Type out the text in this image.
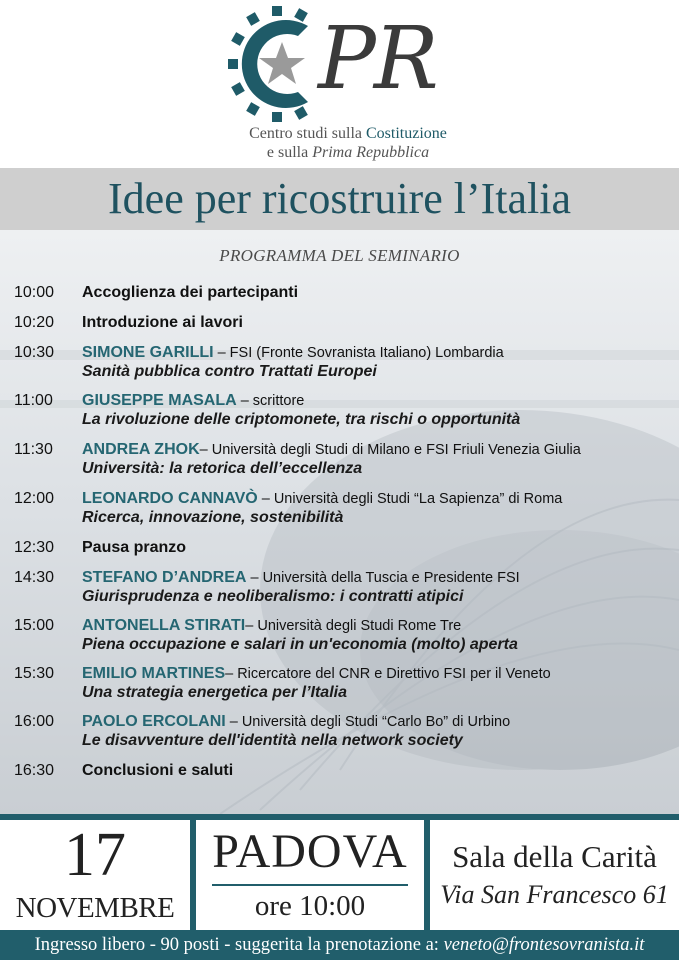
PR
Centro studi sulla Costituzione
e sulla Prima Repubblica
Idee per ricostruire l’Italia
PROGRAMMA DEL SEMINARIO
10:00	Accoglienza dei partecipanti
10:20	Introduzione ai lavori
10:30	SIMONE GARILLI – FSI (Fronte Sovranista Italiano) Lombardia
Sanità pubblica contro Trattati Europei
11:00	GIUSEPPE MASALA – scrittore
La rivoluzione delle criptomonete, tra rischi o opportunità
11:30	ANDREA ZHOK– Università degli Studi di Milano e FSI Friuli Venezia Giulia
Università: la retorica dell’eccellenza
12:00	LEONARDO CANNAVÒ – Università degli Studi “La Sapienza” di Roma
Ricerca, innovazione, sostenibilità
12:30	Pausa pranzo
14:30	STEFANO D’ANDREA – Università della Tuscia e Presidente FSI
Giurisprudenza e neoliberalismo: i contratti atipici
15:00	ANTONELLA STIRATI– Università degli Studi Rome Tre
Piena occupazione e salari in un'economia (molto) aperta
15:30	EMILIO MARTINES– Ricercatore del CNR e Direttivo FSI per il Veneto
Una strategia energetica per l’Italia
16:00	PAOLO ERCOLANI – Università degli Studi “Carlo Bo” di Urbino
Le disavventure dell'identità nella network society
16:30	Conclusioni e saluti
17
NOVEMBRE
PADOVA
ore 10:00
Sala della Carità
Via San Francesco 61
Ingresso libero - 90 posti - suggerita la prenotazione a: veneto@frontesovranista.it
